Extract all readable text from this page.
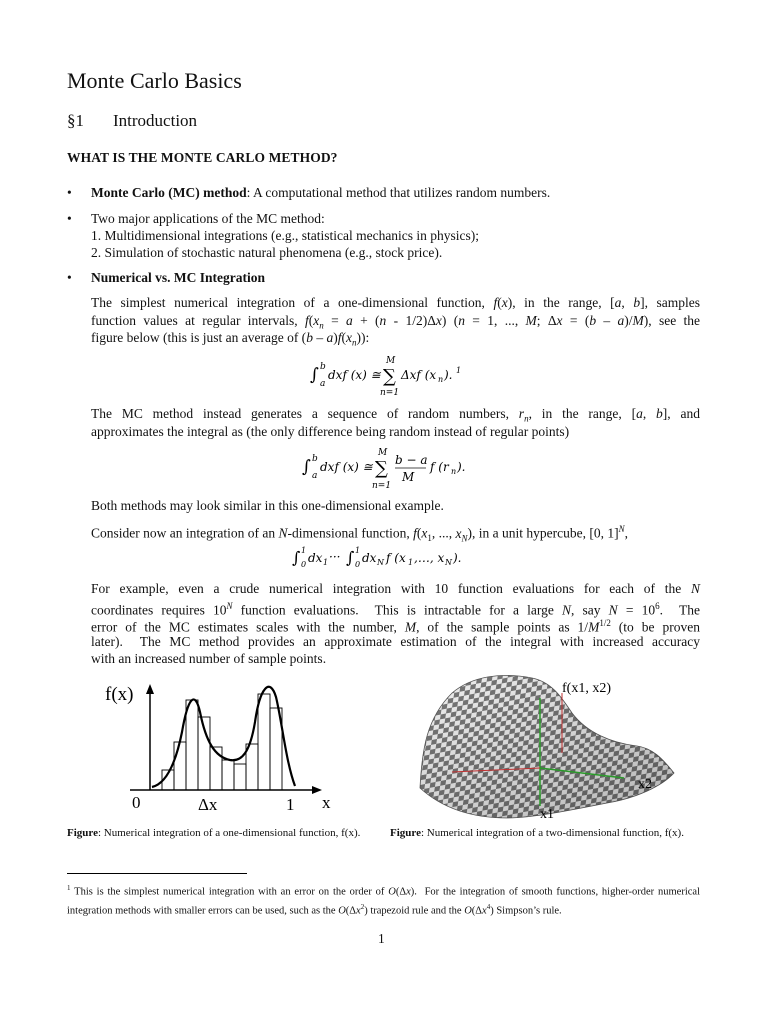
Monte Carlo Basics
§1 Introduction
WHAT IS THE MONTE CARLO METHOD?
• Monte Carlo (MC) method: A computational method that utilizes random numbers.
• Two major applications of the MC method:
1. Multidimensional integrations (e.g., statistical mechanics in physics);
2. Simulation of stochastic natural phenomena (e.g., stock price).
• Numerical vs. MC Integration
The simplest numerical integration of a one-dimensional function, f(x), in the range, [a, b], samples
function values at regular intervals, $f(x_n = a + (n - 1/2)\Delta x) (n = 1$, ..., M; Δx = (b – a)/M), see the
figure below (this is just an average of $(b - a)f(x_n)$):
∫ b
a
dxf (x) ≅
M
∑
n=1
Δxf (x n ). 1
The MC method instead generates a sequence of random numbers, $r_n$, in the range, [a, b], and
approximates the integral as (the only difference being random instead of regular points)
∫ b
a
dxf (x) ≅
M
∑
n=1
b − a
M
f (r n ).
Both methods may look similar in this one-dimensional example.
Consider now an integration of an N-dimensional function, $f(x_1$, ..., $x_N$), in a unit hypercube, [0, 1]$^N$,
∫ 1
0 dx 1 ··· ∫ 1
0 dx N f (x 1 ,…, x N ).
For example, even a crude numerical integration with 10 function evaluations for each of the N
coordinates requires $10^N$ function evaluations.  This is intractable for a large N, say $N = 10^6$.  The
error of the MC estimates scales with the number, M, of the sample points as $1/M^{1/2}$ (to be proven
later).  The MC method provides an approximate estimation of the integral with increased accuracy
with an increased number of sample points.
f(x)
0	Δx	1 x
f(x1, x2)
x2
x1
Figure: Numerical integration of a one-dimensional function, f(x).	Figure: Numerical integration of a two-dimensional function, f(x).
$^1$ This is the simplest numerical integration with an error on the order of O(Δx).  For the integration of smooth functions, higher-order numerical integration methods with smaller errors can be used, such as the $O(\Delta x^2)$ trapezoid rule and the $O(\Delta x^4)$ Simpson’s rule.
1
